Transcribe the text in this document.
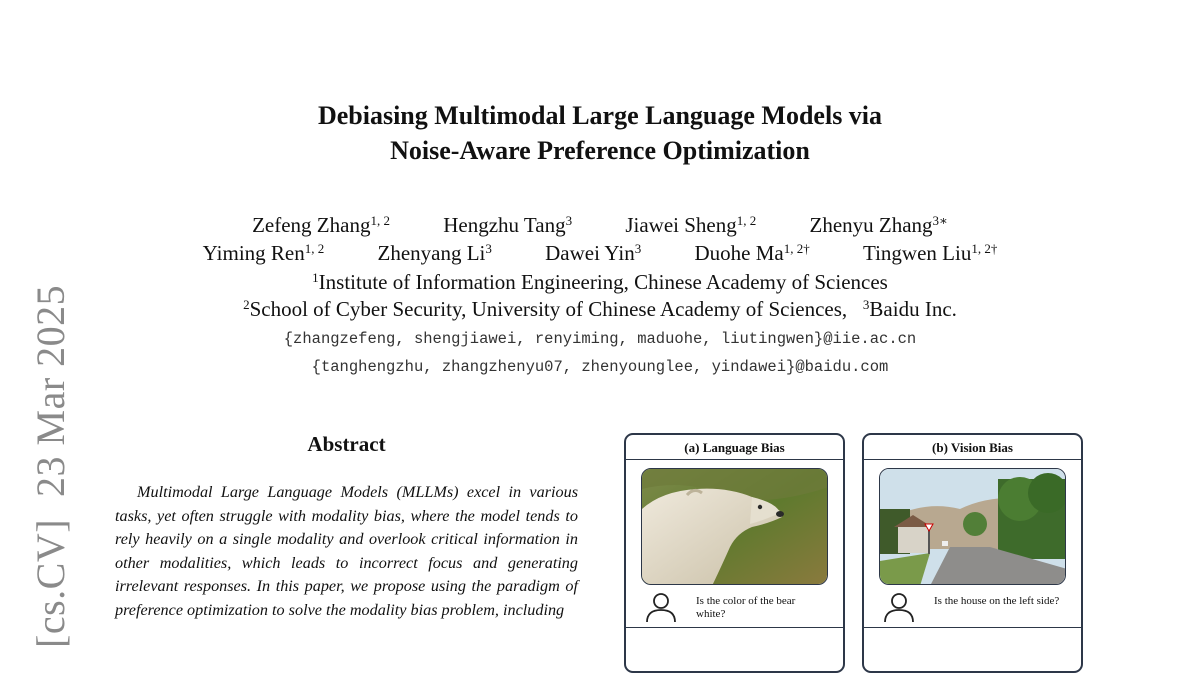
[cs.CV]23 Mar 2025
Debiasing Multimodal Large Language Models via
Noise-Aware Preference Optimization
Zefeng Zhang$^{1, 2}$	Hengzhu Tang$^3$	Jiawei Sheng$^{1, 2}$	Zhenyu Zhang$^{3∗}$
Yiming Ren$^{1, 2}$	Zhenyang Li$^3$	Dawei Yin$^3$	Duohe $Ma^{1, 2\dagger}$	Tingwen Liu$^{1, 2\dagger}$
$^1$Institute of Information Engineering, Chinese Academy of Sciences
$^2$School of Cyber Security, University of Chinese Academy of Sciences, $^3$Baidu Inc.
{zhangzefeng, shengjiawei, renyiming, maduohe, liutingwen}@iie.ac.cn
{tanghengzhu, zhangzhenyu07, zhenyounglee, yindawei}@baidu.com
Abstract
Multimodal Large Language Models (MLLMs) excel in various tasks, yet often struggle with modality bias, where the model tends to rely heavily on a single modality and overlook critical information in other modalities, which leads to incorrect focus and generating irrelevant responses. In this paper, we propose using the paradigm of preference optimization to solve the modality bias problem, including
(a) Language Bias
Is the color of the bear white?
(b) Vision Bias
Is the house on the left side?
